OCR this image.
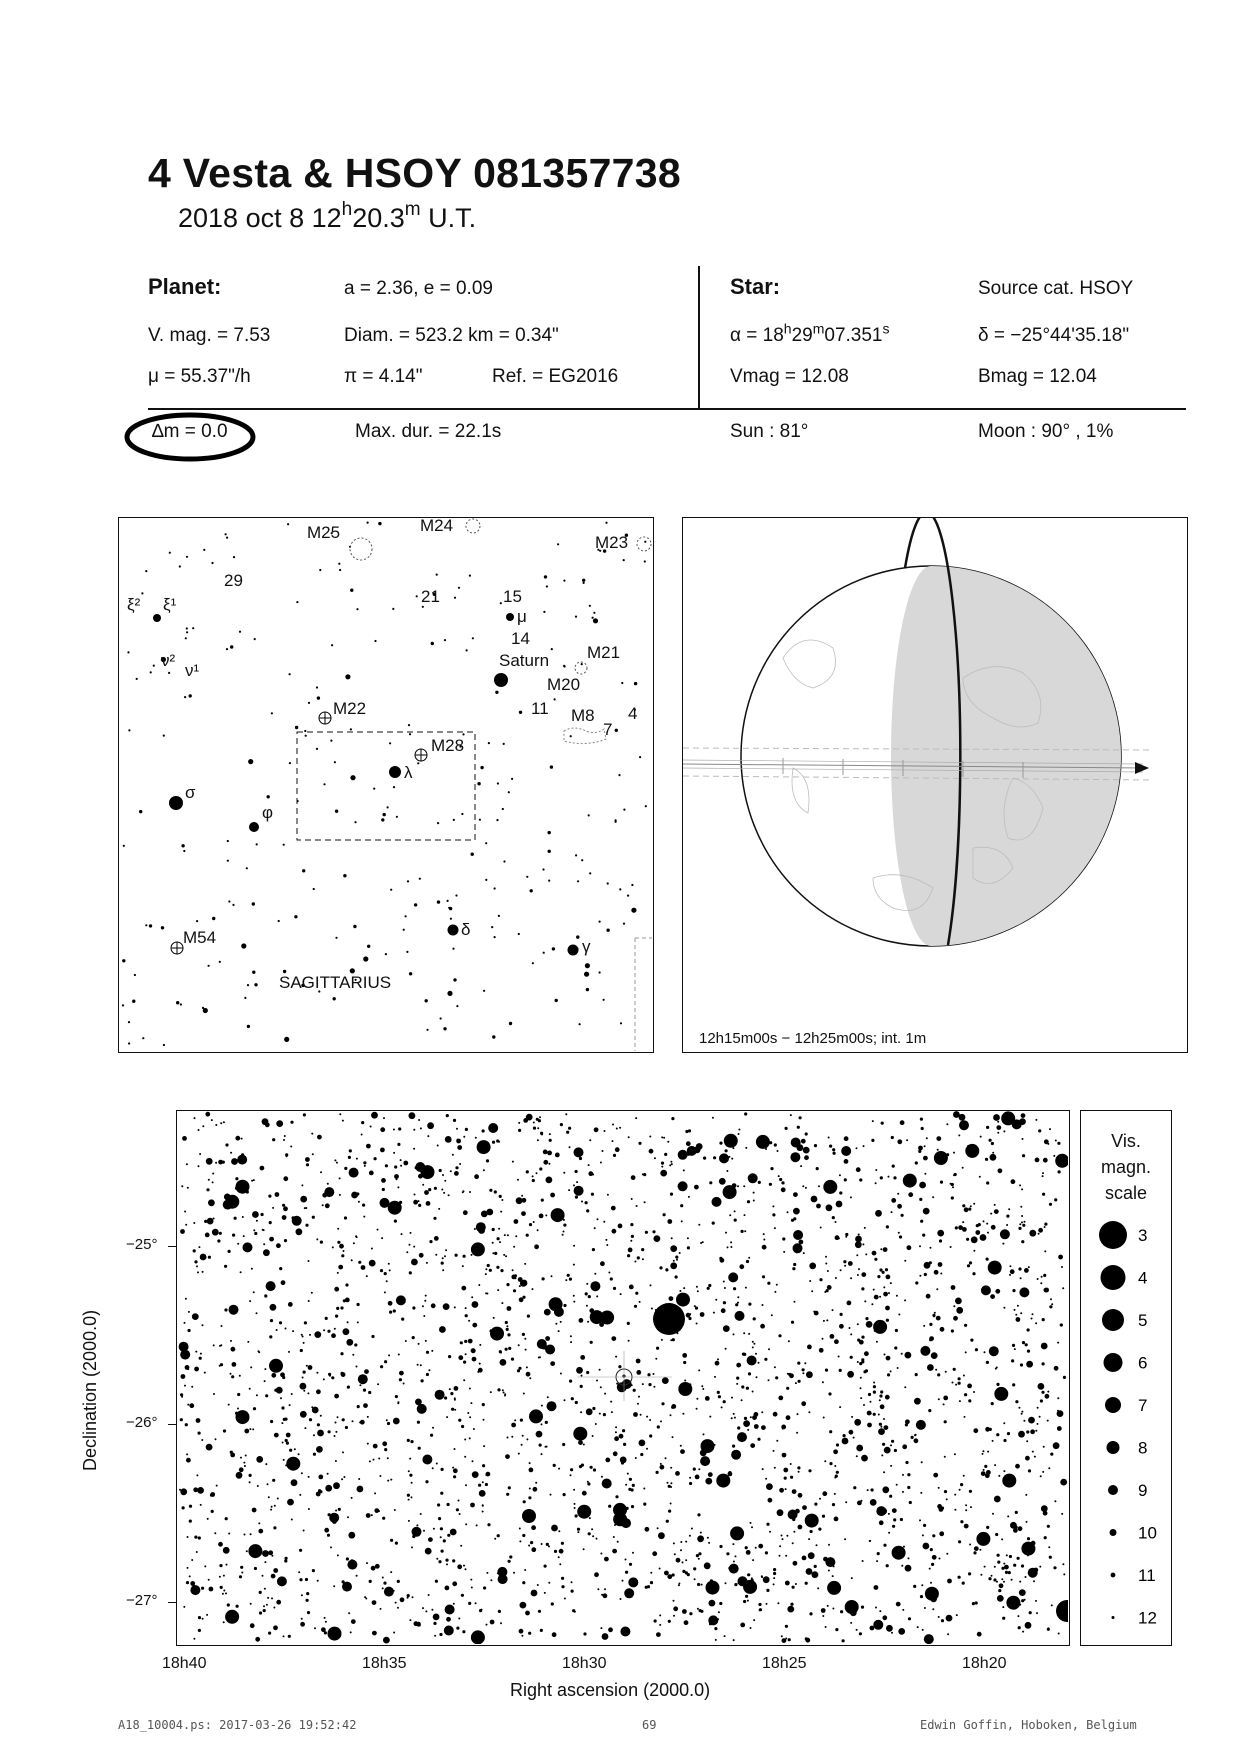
4 Vesta & HSOY 081357738
2018 oct 8 12$^h$20.3$^m$ U.T.
Planet:	a = 2.36, e = 0.09
V. mag. = 7.53	Diam. = 523.2 km = 0.34"
μ = 55.37"/h	π = 4.14"	Ref. = EG2016
Star:	Source cat. HSOY
$\alpha = 18^h29^m07.351^s$	δ = −25°44'35.18"
Vmag = 12.08	Bmag = 12.04
∆m = 0.0	Max. dur. = 22.1s	Sun : 81°	Moon : 90° , 1%
M25	M24
M23
29
ξ² ξ¹	21	15
μ
14
ν²
ν¹
M21
Saturn
M20
M22	11 M8 4
7
M28
λ
σ
φ
M54	δ
γ
SAGITTARIUS
12h15m00s − 12h25m00s; int. 1m
−25°
−26°
−27°
Declination (2000.0)
18h40	18h35	18h30	18h25	18h20
Right ascension (2000.0)
Vis.
magn.
scale
3
4
5
6
7
8
9
10
11
12
A18_10004.ps: 2017-03-26 19:52:42	69	Edwin Goffin, Hoboken, Belgium
